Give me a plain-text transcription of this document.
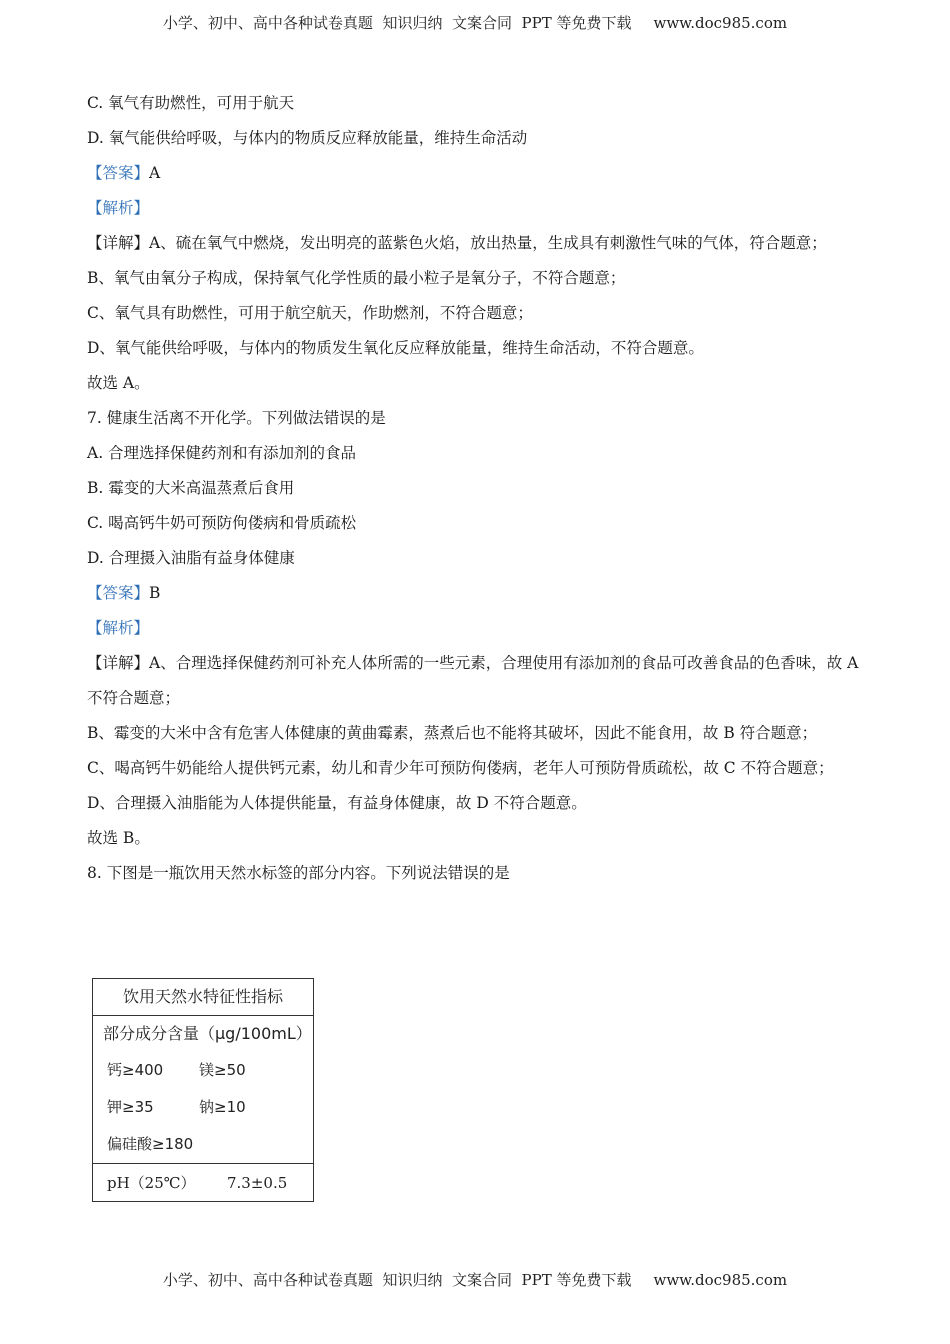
小学、初中、高中各种试卷真题  知识归纳  文案合同  PPT 等免费下载 www.doc985.com
C. 氧气有助燃性，可用于航天
D. 氧气能供给呼吸，与体内的物质反应释放能量，维持生命活动
【答案】A
【解析】
【详解】A、硫在氧气中燃烧，发出明亮的蓝紫色火焰，放出热量，生成具有刺激性气味的气体，符合题意；
B、氧气由氧分子构成，保持氧气化学性质的最小粒子是氧分子，不符合题意；
C、氧气具有助燃性，可用于航空航天，作助燃剂，不符合题意；
D、氧气能供给呼吸，与体内的物质发生氧化反应释放能量，维持生命活动，不符合题意。
故选 A。
7. 健康生活离不开化学。下列做法错误的是
A. 合理选择保健药剂和有添加剂的食品
B. 霉变的大米高温蒸煮后食用
C. 喝高钙牛奶可预防佝偻病和骨质疏松
D. 合理摄入油脂有益身体健康
【答案】B
【解析】
【详解】A、合理选择保健药剂可补充人体所需的一些元素，合理使用有添加剂的食品可改善食品的色香味，故 A 不符合题意；
B、霉变的大米中含有危害人体健康的黄曲霉素，蒸煮后也不能将其破坏，因此不能食用，故 B 符合题意；
C、喝高钙牛奶能给人提供钙元素，幼儿和青少年可预防佝偻病，老年人可预防骨质疏松，故 C 不符合题意；
D、合理摄入油脂能为人体提供能量，有益身体健康，故 D 不符合题意。
故选 B。
8. 下图是一瓶饮用天然水标签的部分内容。下列说法错误的是
饮用天然水特征性指标
部分成分含量（μg/100mL）
钙≥400	镁≥50
钾≥35	钠≥10
偏硅酸≥180
pH（25℃）	7.3±0.5
小学、初中、高中各种试卷真题  知识归纳  文案合同  PPT 等免费下载 www.doc985.com
